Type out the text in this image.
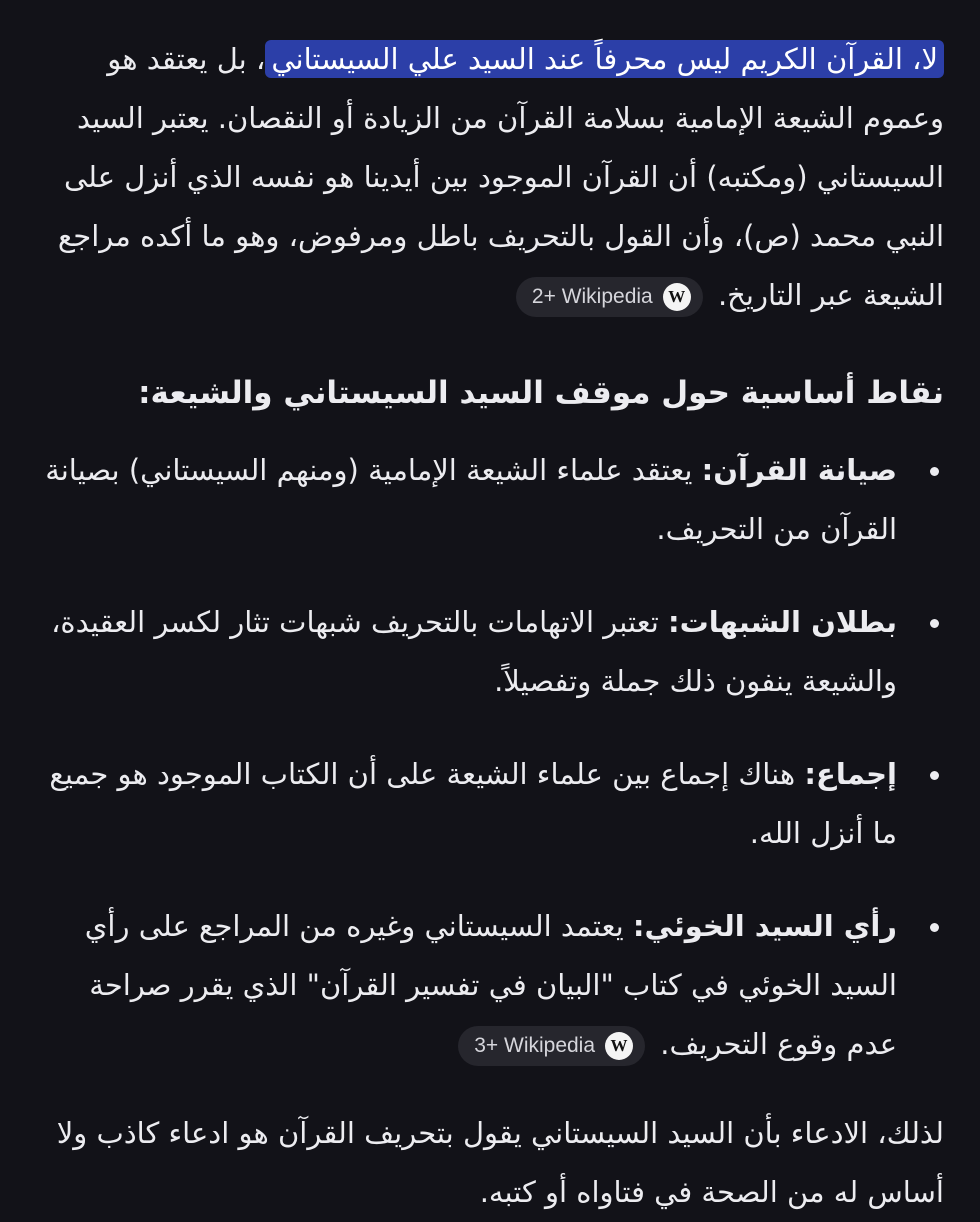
لا، القرآن الكريم ليس محرفاً عند السيد علي السيستاني، بل يعتقد هو وعموم الشيعة الإمامية بسلامة القرآن من الزيادة أو النقصان. يعتبر السيد السيستاني (ومكتبه) أن القرآن الموجود بين أيدينا هو نفسه الذي أنزل على النبي محمد (ص)، وأن القول بالتحريف باطل ومرفوض، وهو ما أكده مراجع الشيعة عبر التاريخ.
2+ Wikipedia W

نقاط أساسية حول موقف السيد السيستاني والشيعة:
صيانة القرآن: يعتقد علماء الشيعة الإمامية (ومنهم السيستاني) بصيانة القرآن من التحريف.
بطلان الشبهات: تعتبر الاتهامات بالتحريف شبهات تثار لكسر العقيدة، والشيعة ينفون ذلك جملة وتفصيلاً.
إجماع: هناك إجماع بين علماء الشيعة على أن الكتاب الموجود هو جميع ما أنزل الله.
رأي السيد الخوئي: يعتمد السيستاني وغيره من المراجع على رأي السيد الخوئي في كتاب "البيان في تفسير القرآن" الذي يقرر صراحة عدم وقوع التحريف.
3+ Wikipedia W

لذلك، الادعاء بأن السيد السيستاني يقول بتحريف القرآن هو ادعاء كاذب ولا أساس له من الصحة في فتاواه أو كتبه.
